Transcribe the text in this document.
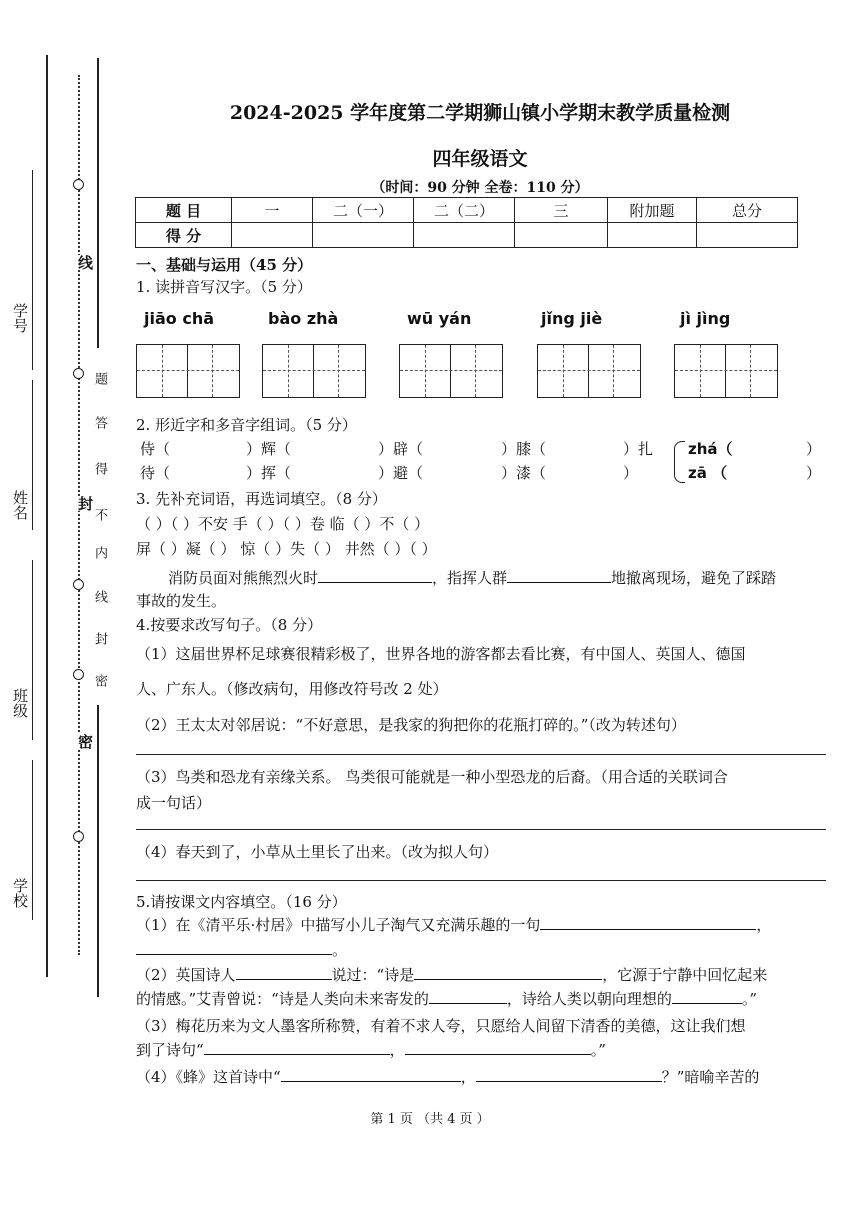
学号
姓名
班级
学校
线
封
密
题
答
得
不
内
线
封
密
2024-2025 学年度第二学期狮山镇小学期末教学质量检测
四年级语文
（时间：90 分钟 全卷：110 分）
题 目	一	二（一）	二（二）	三	附加题	总分
得 分						
一、基础与运用（45 分）
1. 读拼音写汉字。（5 分）
jiāo chā	bào zhà	wū yán	jǐng jiè	jì jìng
2. 形近字和多音字组词。（5 分）
侍（	）辉（	）辟（	）膝（	）扎
待（	）挥（	）避（	）漆（	）
zhá（	）
zā （	）
3. 先补充词语，再选词填空。（8 分）
（ ）（ ）不安 手（ ）（ ）卷 临（ ）不（ ）
屏（ ）凝（ ） 惊（ ）失（ ） 井然（ ）（ ）
消防员面对熊熊烈火时	，指挥人群	地撤离现场，避免了踩踏
事故的发生。
4.按要求改写句子。（8 分）
（1）这届世界杯足球赛很精彩极了，世界各地的游客都去看比赛，有中国人、英国人、德国
人、广东人。（修改病句，用修改符号改 2 处）
（2）王太太对邻居说：“不好意思，是我家的狗把你的花瓶打碎的。”（改为转述句）
（3）鸟类和恐龙有亲缘关系。 鸟类很可能就是一种小型恐龙的后裔。（用合适的关联词合
成一句话）
（4）春天到了，小草从土里长了出来。（改为拟人句）
5.请按课文内容填空。（16 分）
（1）在《清平乐·村居》中描写小儿子淘气又充满乐趣的一句	，
。
（2）英国诗人	说过：“诗是	，它源于宁静中回忆起来
的情感。”艾青曾说：“诗是人类向未来寄发的	，诗给人类以朝向理想的	。”
（3）梅花历来为文人墨客所称赞，有着不求人夸，只愿给人间留下清香的美德，这让我们想
到了诗句“	，	。”
（4）《蜂》这首诗中“	，	？”暗喻辛苦的
第 1 页 （共 4 页 ）
